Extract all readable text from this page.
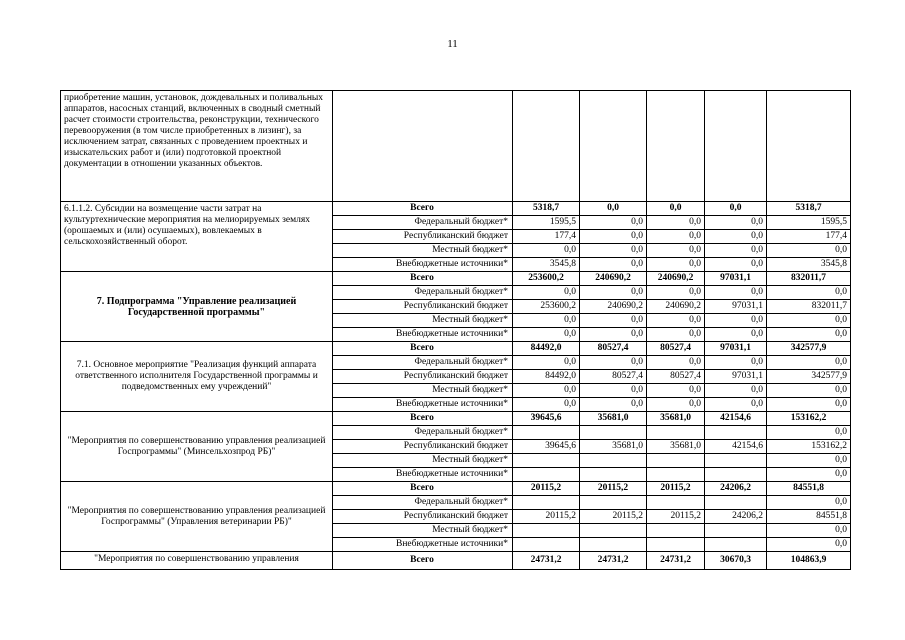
11
приобретение машин, установок, дождевальных и поливальных аппаратов, насосных станций, включенных в сводный сметный расчет стоимости строительства, реконструкции, технического перевооружения (в том числе приобретенных в лизинг), за исключением затрат, связанных с проведением проектных и изыскательских работ и (или) подготовкой проектной документации в отношении указанных объектов.						
6.1.1.2. Субсидии на возмещение части затрат на культуртехнические мероприятия на мелиорируемых землях (орошаемых и (или) осушаемых), вовлекаемых в сельскохозяйственный оборот.	Всего	5318,7	0,0	0,0	0,0	5318,7
	Федеральный бюджет*	1595,5	0,0	0,0	0,0	1595,5
	Республиканский бюджет	177,4	0,0	0,0	0,0	177,4
	Местный бюджет*	0,0	0,0	0,0	0,0	0,0
	Внебюджетные источники*	3545,8	0,0	0,0	0,0	3545,8
7. Подпрограмма "Управление реализацией Государственной программы"	Всего	253600,2	240690,2	240690,2	97031,1	832011,7
	Федеральный бюджет*	0,0	0,0	0,0	0,0	0,0
	Республиканский бюджет	253600,2	240690,2	240690,2	97031,1	832011,7
	Местный бюджет*	0,0	0,0	0,0	0,0	0,0
	Внебюджетные источники*	0,0	0,0	0,0	0,0	0,0
7.1. Основное мероприятие "Реализация функций аппарата ответственного исполнителя Государственной программы и подведомственных ему учреждений"	Всего	84492,0	80527,4	80527,4	97031,1	342577,9
	Федеральный бюджет*	0,0	0,0	0,0	0,0	0,0
	Республиканский бюджет	84492,0	80527,4	80527,4	97031,1	342577,9
	Местный бюджет*	0,0	0,0	0,0	0,0	0,0
	Внебюджетные источники*	0,0	0,0	0,0	0,0	0,0
"Мероприятия по совершенствованию управления реализацией Госпрограммы" (Минсельхозпрод РБ)"	Всего	39645,6	35681,0	35681,0	42154,6	153162,2
	Федеральный бюджет*					0,0
	Республиканский бюджет	39645,6	35681,0	35681,0	42154,6	153162,2
	Местный бюджет*					0,0
	Внебюджетные источники*					0,0
"Мероприятия по совершенствованию управления реализацией Госпрограммы" (Управления ветеринарии РБ)"	Всего	20115,2	20115,2	20115,2	24206,2	84551,8
	Федеральный бюджет*					0,0
	Республиканский бюджет	20115,2	20115,2	20115,2	24206,2	84551,8
	Местный бюджет*					0,0
	Внебюджетные источники*					0,0
"Мероприятия по совершенствованию управления	Всего	24731,2	24731,2	24731,2	30670,3	104863,9
